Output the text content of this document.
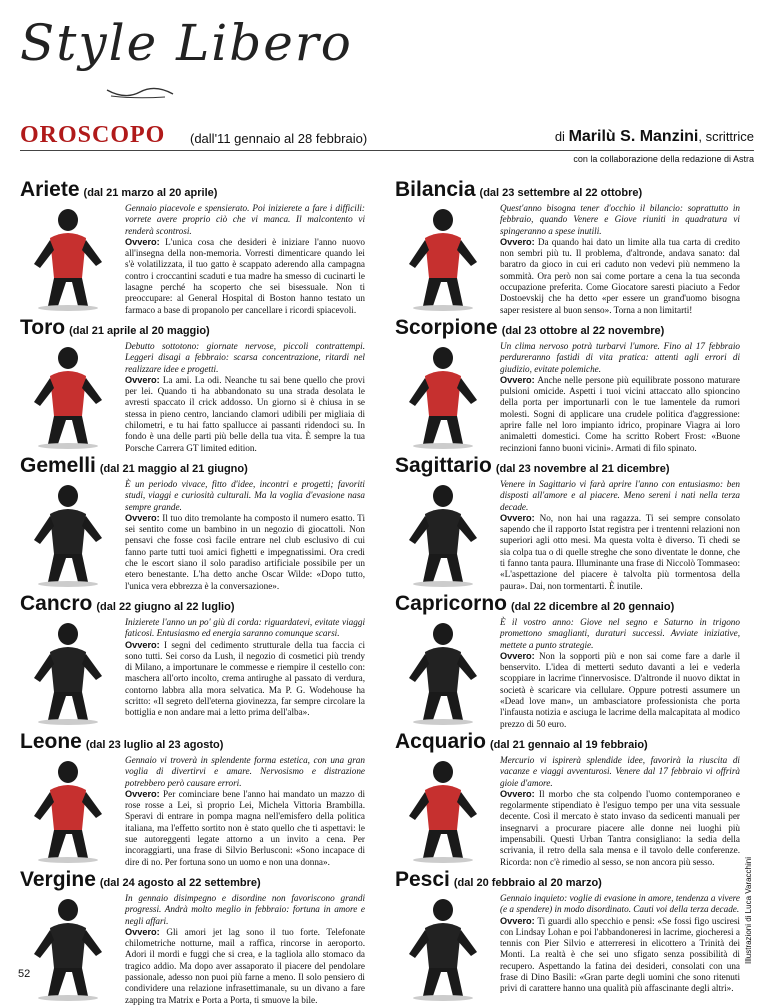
Style Libero
OROSCOPO (dall'11 gennaio al 28 febbraio)	di Marilù S. Manzini, scrittrice
con la collaborazione della redazione di Astra
Ariete (dal 21 marzo al 20 aprile)
Gennaio piacevole e spensierato. Poi inizierete a fare i difficili: vorrete avere proprio ciò che vi manca. Il malcontento vi renderà scontrosi.
Ovvero: L'unica cosa che desideri è iniziare l'anno nuovo all'insegna della non-memoria. Vorresti dimenticare quando lei s'è volatilizzata, il tuo gatto è scappato aderendo alla campagna contro i croccantini scaduti e tua madre ha smesso di cucinarti le lasagne perché ha scoperto che sei bisessuale. Non ti preoccupare: al General Hospital di Boston hanno testato un farmaco a base di propanolo per cancellare i ricordi spiacevoli.
Toro (dal 21 aprile al 20 maggio)
Debutto sottotono: giornate nervose, piccoli contrattempi. Leggeri disagi a febbraio: scarsa concentrazione, ritardi nel realizzare idee e progetti.
Ovvero: La ami. La odi. Neanche tu sai bene quello che provi per lei. Quando ti ha abbandonato su una strada desolata le avresti spaccato il crick addosso. Un giorno si è chiusa in se stessa in pieno centro, lanciando clamori udibili per migliaia di chilometri, e tu hai fatto spallucce ai passanti ridendoci su. In fondo è una delle parti più belle della tua vita. È sempre la tua Porsche Carrera GT limited edition.
Gemelli (dal 21 maggio al 21 giugno)
È un periodo vivace, fitto d'idee, incontri e progetti; favoriti studi, viaggi e curiosità culturali. Ma la voglia d'evasione nasa sempre grande.
Ovvero: Il tuo dito tremolante ha composto il numero esatto. Ti sei sentito come un bambino in un negozio di giocattoli. Non pensavi che fosse così facile entrare nel club esclusivo di cui fanno parte tutti tuoi amici fighetti e impegnatissimi. Ora credi che le escort siano il solo paradiso artificiale possibile per un etero benestante. L'ha detto anche Oscar Wilde: «Dopo tutto, l'unica vera ebbrezza è la conversazione».
Cancro (dal 22 giugno al 22 luglio)
Inizierete l'anno un po' giù di corda: riguardatevi, evitate viaggi faticosi. Entusiasmo ed energia saranno comunque scarsi.
Ovvero: I segni del cedimento strutturale della tua faccia ci sono tutti. Sei corso da Lush, il negozio di cosmetici più trendy di Milano, a importunare le commesse e riempire il cestello con: maschera all'orto incolto, crema antirughe al passato di verdura, contorno labbra alla mora selvatica. Ma P. G. Wodehouse ha scritto: «Il segreto dell'eterna giovinezza, far sempre circolare la bottiglia e non andare mai a letto prima dell'alba».
Leone (dal 23 luglio al 23 agosto)
Gennaio vi troverà in splendente forma estetica, con una gran voglia di divertirvi e amare. Nervosismo e distrazione potrebbero però causare errori.
Ovvero: Per cominciare bene l'anno hai mandato un mazzo di rose rosse a Lei, sì proprio Lei, Michela Vittoria Brambilla. Speravi di entrare in pompa magna nell'emisfero della politica italiana, ma l'effetto sortito non è stato quello che ti aspettavi: le sue autoreggenti legate attorno a un invito a cena. Per incoraggiarti, una frase di Silvio Berlusconi: «Sono incapace di dire di no. Per fortuna sono un uomo e non una donna».
Vergine (dal 24 agosto al 22 settembre)
In gennaio disimpegno e disordine non favoriscono grandi progressi. Andrà molto meglio in febbraio: fortuna in amore e negli affari.
Ovvero: Gli amori jet lag sono il tuo forte. Telefonate chilometriche notturne, mail a raffica, rincorse in aeroporto. Adori il mordi e fuggi che si crea, e la tagliola allo stomaco da tragico addio. Ma dopo aver assaporato il piacere del pendolare passionale, adesso non puoi più farne a meno. Il solo pensiero di condividere una relazione infrasettimanale, su un divano a fare zapping tra Matrix e Porta a Porta, ti smuove la bile.
Bilancia (dal 23 settembre al 22 ottobre)
Quest'anno bisogna tener d'occhio il bilancio: soprattutto in febbraio, quando Venere e Giove riuniti in quadratura vi spingeranno a spese inutili.
Ovvero: Da quando hai dato un limite alla tua carta di credito non sembri più tu. Il problema, d'altronde, andava sanato: dal baratro da gioco in cui eri caduto non vedevi più nemmeno la sommità. Ora però non sai come portare a cena la tua seconda occupazione preferita. Come Giocatore saresti piaciuto a Fedor Dostoevskij che ha detto «per essere un grand'uomo bisogna saper resistere al buon senso». Torna a non limitarti!
Scorpione (dal 23 ottobre al 22 novembre)
Un clima nervoso potrà turbarvi l'umore. Fino al 17 febbraio perdureranno fastidi di vita pratica: attenti agli errori di giudizio, evitate polemiche.
Ovvero: Anche nelle persone più equilibrate possono maturare pulsioni omicide. Aspetti i tuoi vicini attaccato allo spioncino della porta per importunarli con le tue lamentele da rumori molesti. Sogni di applicare una crudele politica d'aggressione: aprire falle nel loro impianto idrico, propinare Viagra ai loro animaletti domestici. Come ha scritto Robert Frost: «Buone recinzioni fanno buoni vicini». Armati di filo spinato.
Sagittario (dal 23 novembre al 21 dicembre)
Venere in Sagittario vi farà aprire l'anno con entusiasmo: ben disposti all'amore e al piacere. Meno sereni i nati nella terza decade.
Ovvero: No, non hai una ragazza. Ti sei sempre consolato sapendo che il rapporto Istat registra per i trentenni relazioni non superiori agli otto mesi. Ma questa volta è diverso. Ti chedi se sia colpa tua o di quelle streghe che sono diventate le donne, che ti fanno tanta paura. Illuminante una frase di Niccolò Tommaseo: «L'aspettazione del piacere è talvolta più tormentosa della paura». Dai, non tormentarti. È inutile.
Capricorno (dal 22 dicembre al 20 gennaio)
È il vostro anno: Giove nel segno e Saturno in trigono promettono smaglianti, duraturi successi. Avviate iniziative, mettete a punto strategie.
Ovvero: Non la sopporti più e non sai come fare a darle il benservito. L'idea di metterti seduto davanti a lei e vederla scoppiare in lacrime t'innervosisce. D'altronde il nuovo diktat in società è scaricare via cellulare. Oppure potresti assumere un «Dead love man», un ambasciatore professionista che porta l'infausta notizia e asciuga le lacrime della malcapitata al modico prezzo di 50 euro.
Acquario (dal 21 gennaio al 19 febbraio)
Mercurio vi ispirerà splendide idee, favorirà la riuscita di vacanze e viaggi avventurosi. Venere dal 17 febbraio vi offrirà gioie d'amore.
Ovvero: Il morbo che sta colpendo l'uomo contemporaneo e regolarmente stipendiato è l'esiguo tempo per una vita sessuale decente. Così il mercato è stato invaso da sedicenti manuali per insegnarvi a procurare piacere alle donne nei luoghi più impensabili. Questi Urban Tantra consigliano: la sedia della scrivania, il retro della sala mensa e il tavolo delle conferenze. Ricorda: non c'è rimedio al sesso, se non ancora più sesso.
Pesci (dal 20 febbraio al 20 marzo)
Gennaio inquieto: voglie di evasione in amore, tendenza a vivere (e a spendere) in modo disordinato. Cauti voi della terza decade.
Ovvero: Ti guardi allo specchio e pensi: «Se fossi figo usciresi con Lindsay Lohan e poi l'abbandoneresi in lacrime, giocheresi a tennis con Pier Silvio e atterreresi in elicottero a Trinità dei Monti. La realtà è che sei uno sfigato senza possibilità di recupero. Aspettando la fatina dei desideri, consolati con una frase di Dino Basili: «Gran parte degli uomini che sono ritenuti privi di carattere hanno una qualità più affascinante degli altri».
52
Illustrazioni di Luca Varacchini
